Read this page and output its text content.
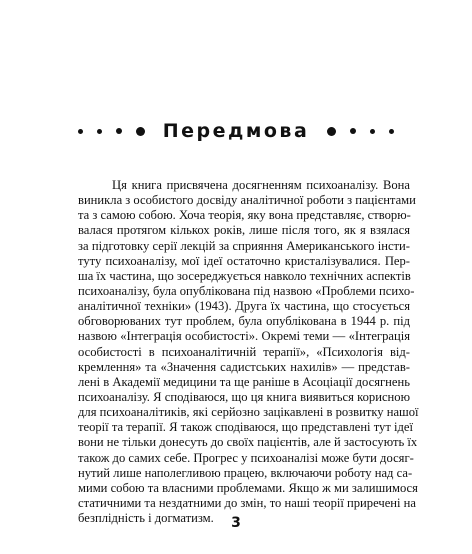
Передмова
Ця книга присвячена досягненням психоаналізу. Вона
виникла з особистого досвіду аналітичної роботи з пацієнтами
та з самою собою. Хоча теорія, яку вона представляє, створю-
валася протягом кількох років, лише після того, як я взялася
за підготовку серії лекцій за сприяння Американського інсти-
туту психоаналізу, мої ідеї остаточно кристалізувалися. Пер-
ша їх частина, що зосереджується навколо технічних аспектів
психоаналізу, була опублікована під назвою «Проблеми психо-
аналітичної техніки» (1943). Друга їх частина, що стосується
обговорюваних тут проблем, була опублікована в 1944 р. під
назвою «Інтеграція особистості». Окремі теми — «Інтеграція
особистості в психоаналітичній терапії», «Психологія від-
кремлення» та «Значення садистських нахилів» — представ-
лені в Академії медицини та ще раніше в Асоціації досягнень
психоаналізу. Я сподіваюся, що ця книга виявиться корисною
для психоаналітиків, які серйозно зацікавлені в розвитку нашої
теорії та терапії. Я також сподіваюся, що представлені тут ідеї
вони не тільки донесуть до своїх пацієнтів, але й застосують їх
також до самих себе. Прогрес у психоаналізі може бути досяг-
нутий лише наполегливою працею, включаючи роботу над са-
мими собою та власними проблемами. Якщо ж ми залишимося
статичними та нездатними до змін, то наші теорії приречені на
безплідність і догматизм.	3
